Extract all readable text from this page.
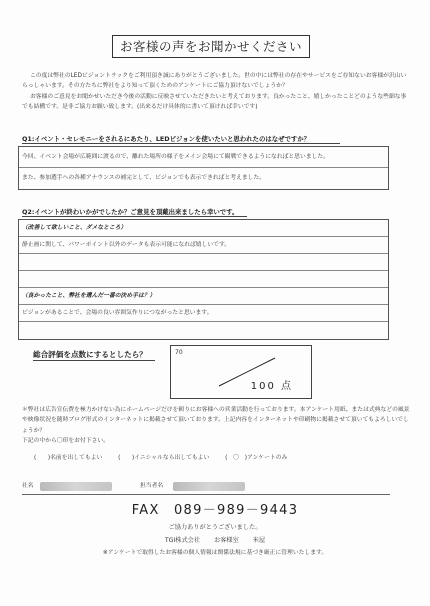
お客様の声をお聞かせください

この度は弊社のLEDビジョントラックをご利用頂き誠にありがとうございました。世の中には弊社の存在やサービスをご存知ないお客様が沢山いらっしゃいます。その方たちに弊社をより知って頂くためのアンケートにご協力頂けないでしょうか？

お客様のご意見をお聞かせいただき今後の活動に反映させていただきたいと考えております。良かったこと、嬉しかったことどのような些細な事でも結構です。是非ご協力お願い致します。(出来るだけ具体的に書いて頂ければ幸いです)

Q1:イベント・セレモニーをされるにあたり、LEDビジョンを使いたいと思われたのはなぜですか？
今回、イベント会場が広範囲に渡るので、離れた場所の様子をメイン会場にて観戦できるようになればと思いました。
また、参加選手への各種アナウンスの補完として、ビジョンでも表示できればと考えました。
Q2:イベントが終わいかがでしたか？ご意見を頂戴出来ましたら幸いです。
（改善して欲しいこと、ダメなところ）
静止画に関して、パワーポイント以外のデータも表示可能になれば嬉しいです。
（良かったこと、弊社を選んだ一番の決め手は？）
ビジョンがあることで、会場の良い雰囲気作りにつながったと思います。
総合評価を点数にするとしたら？	70
100 点

＊弊社は広告宣伝費を極力かけない為にホームページだけを頼りにお客様への営業活動を行っております。本アンケート用紙、または式典などの風景や映像状況を随時ブログ形式のインターネットに掲載させて頂いております。上記内容をインターネットや印刷物に掲載させて頂いてもよろしいでしょうか？

下記の中から〇印をお付下さい。

(　　)名前を出してもよい	(　　)イニシャルなら出してもよい	(　〇　)アンケートのみ
社名	担当者名
FAX　089－989－9443
ご協力ありがとうございました。
TGI株式会社 お客様室 米屋
※アンケートで取得したお客様の個人情報は関係法規に基づき厳正に管理いたします。
